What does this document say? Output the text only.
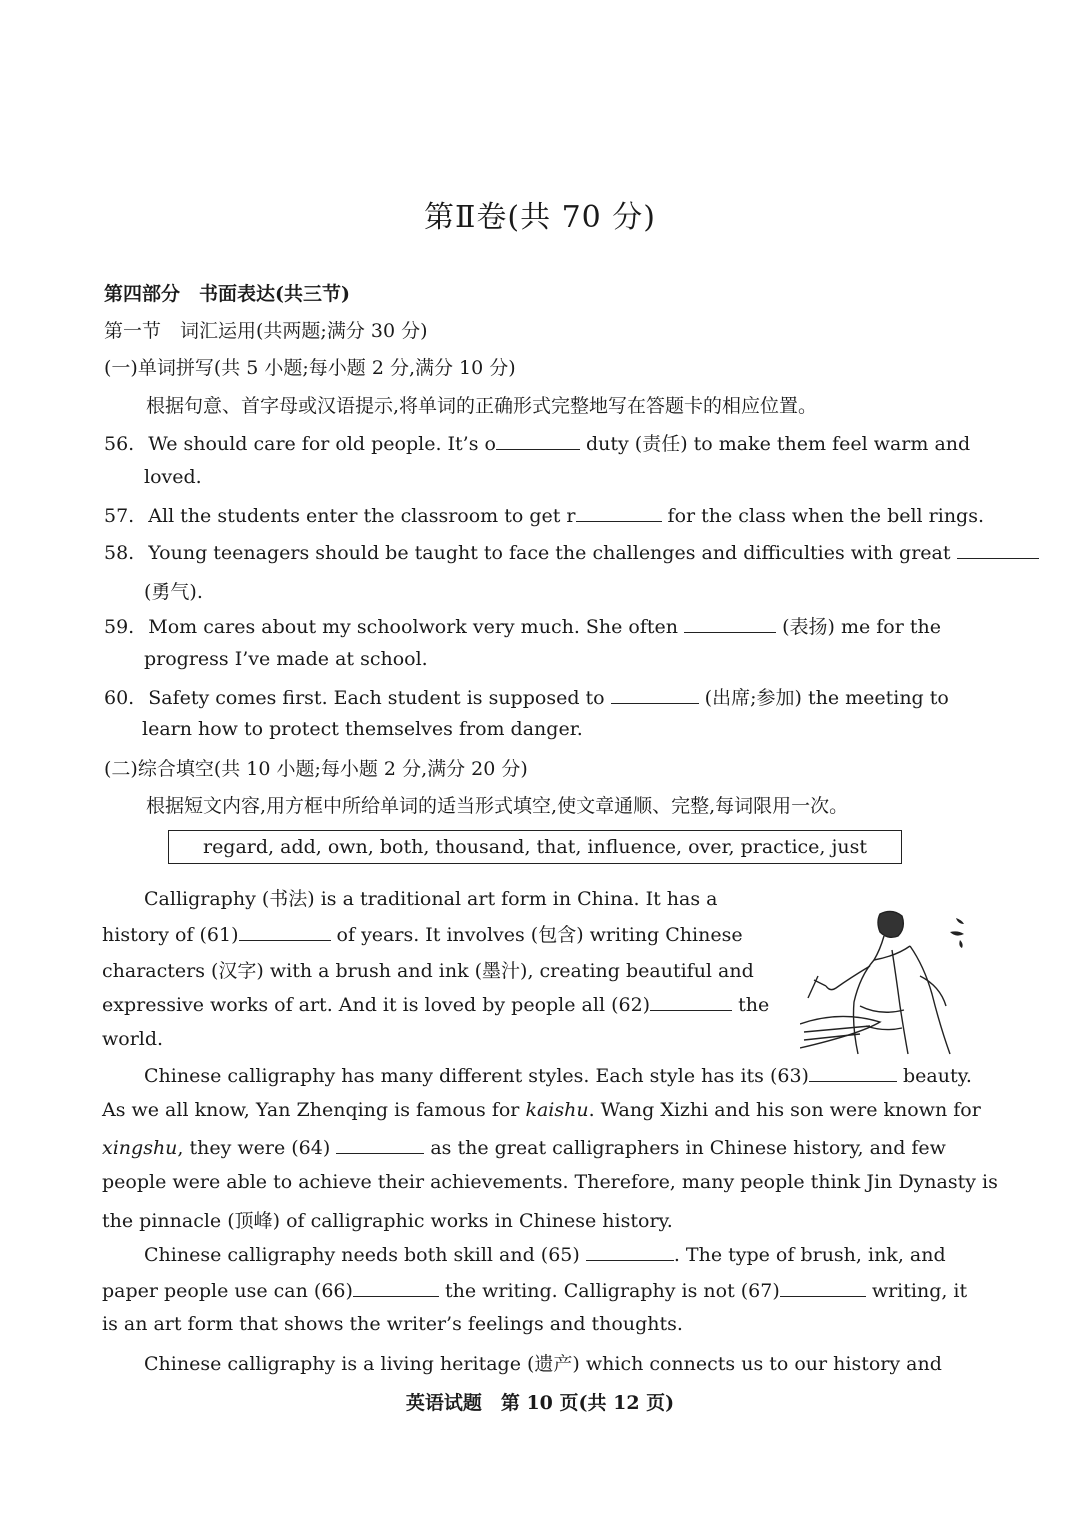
第Ⅱ卷(共 70 分)
第四部分　书面表达(共三节)
第一节　词汇运用(共两题;满分 30 分)
(一)单词拼写(共 5 小题;每小题 2 分,满分 10 分)
根据句意、首字母或汉语提示,将单词的正确形式完整地写在答题卡的相应位置。
56. We should care for old people. It’s o	duty (责任) to make them feel warm and
loved.
57. All the students enter the classroom to get r	for the class when the bell rings.
58. Young teenagers should be taught to face the challenges and difficulties with great
(勇气).
59. Mom cares about my schoolwork very much. She often	(表扬) me for the
progress I’ve made at school.
60. Safety comes first. Each student is supposed to	(出席;参加) the meeting to
learn how to protect themselves from danger.
(二)综合填空(共 10 小题;每小题 2 分,满分 20 分)
根据短文内容,用方框中所给单词的适当形式填空,使文章通顺、完整,每词限用一次。
regard, add, own, both, thousand, that, influence, over, practice, just
Calligraphy (书法) is a traditional art form in China. It has a
history of (61)	of years. It involves (包含) writing Chinese
characters (汉字) with a brush and ink (墨汁), creating beautiful and
expressive works of art. And it is loved by people all (62)	the
world.
Chinese calligraphy has many different styles. Each style has its (63)	beauty.
As we all know, Yan Zhenqing is famous for kaishu. Wang Xizhi and his son were known for
xingshu, they were (64)	as the great calligraphers in Chinese history, and few
people were able to achieve their achievements. Therefore, many people think Jin Dynasty is
the pinnacle (顶峰) of calligraphic works in Chinese history.
Chinese calligraphy needs both skill and (65)	. The type of brush, ink, and
paper people use can (66)	the writing. Calligraphy is not (67)	writing, it
is an art form that shows the writer’s feelings and thoughts.
Chinese calligraphy is a living heritage (遗产) which connects us to our history and
英语试题　第 10 页(共 12 页)
